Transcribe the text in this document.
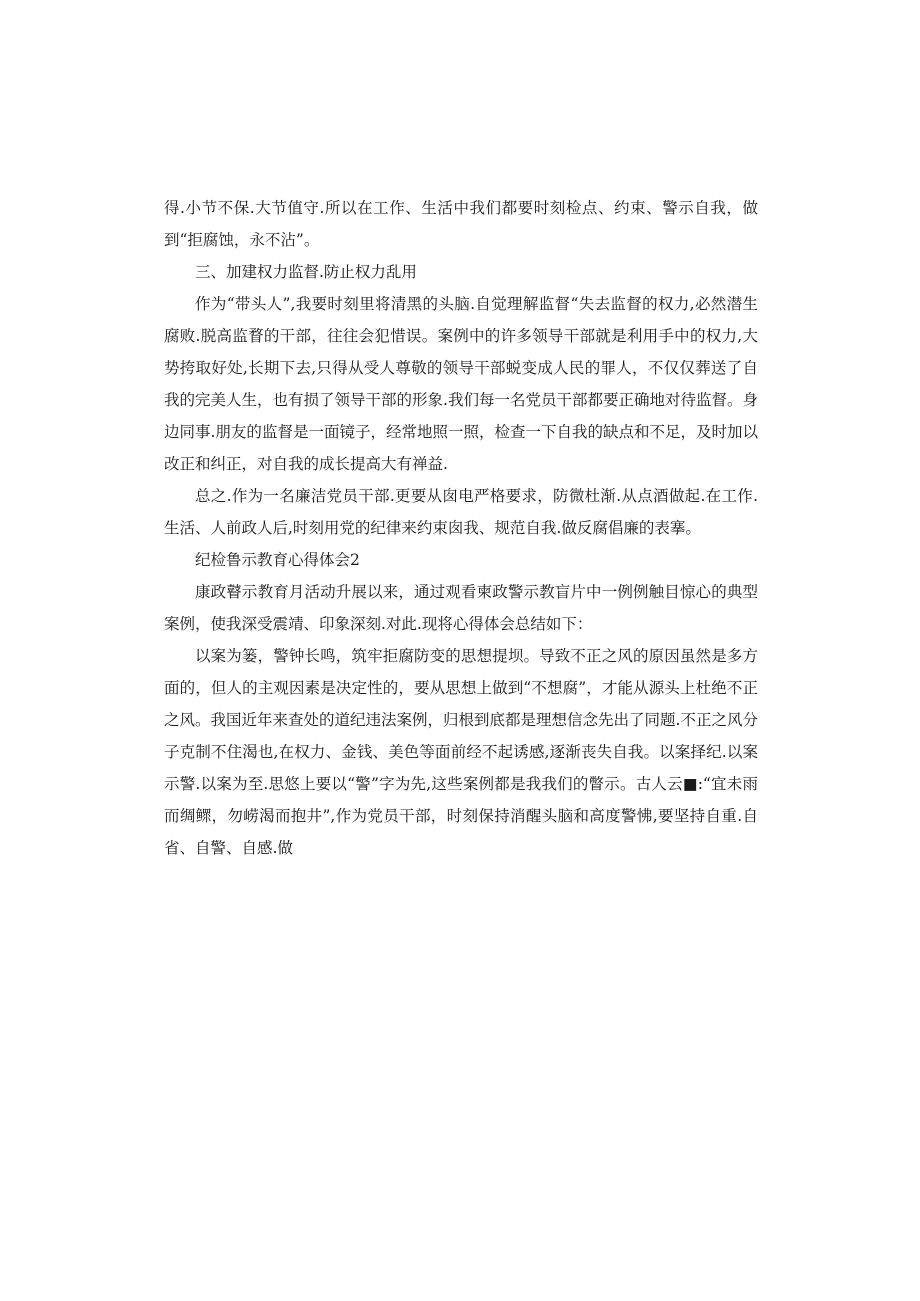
得.小节不保.大节值守.所以在工作、生活中我们都要时刻检点、约束、警示自我，做到“拒腐蚀，永不沾”。

三、加建权力监督.防止权力乱用

作为“带头人”,我要时刻里将清黑的头脑.自觉理解监督“失去监督的权力,必然潜生腐败.脱高监瞀的干部，往往会犯惜误。案例中的许多领导干部就是利用手中的权力,大势挎取好处,长期下去,只得从受人尊敬的领导干部蜕变成人民的罪人，不仅仅葬送了自我的完美人生，也有损了领导干部的形象.我们每一名党员干部都要正确地对待监督。身边同事.朋友的监督是一面镜子，经常地照一照，检查一下自我的缺点和不足，及时加以改正和纠正，对自我的成长提高大有禅益.

总之.作为一名廉洁党员干部.更要从囱电严格要求，防微杜渐.从点酒做起.在工作.生活、人前政人后,时刻用党的纪律来约束囱我、规范自我.做反腐倡廉的表搴。

纪检鲁示教育心得体会2

康政瞽示教育月活动升展以来，通过观看柬政警示教盲片中一例例触目惊心的典型案例，使我深受震靖、印象深刻.对此.现将心得体会总结如下：

以案为篓，警钟长鸣，筑牢拒腐防变的思想提坝。导致不正之风的原因虽然是多方面的，但人的主观因素是决定性的，要从思想上做到“不想腐”，才能从源头上杜绝不正之风。我国近年来查处的道纪违法案例，归根到底都是理想信念先出了同题.不正之风分子克制不住渴也,在权力、金钱、美色等面前经不起诱感,逐渐丧失自我。以案择纪.以案示警.以案为至.思悠上要以“警”字为先,这些案例都是我我们的瞥示。古人云■:“宜未雨而绸鳏，勿崂渴而抱井”,作为党员干部，时刻保持消醒头脑和高度警怫,要坚持自重.自省、自警、自感.做
